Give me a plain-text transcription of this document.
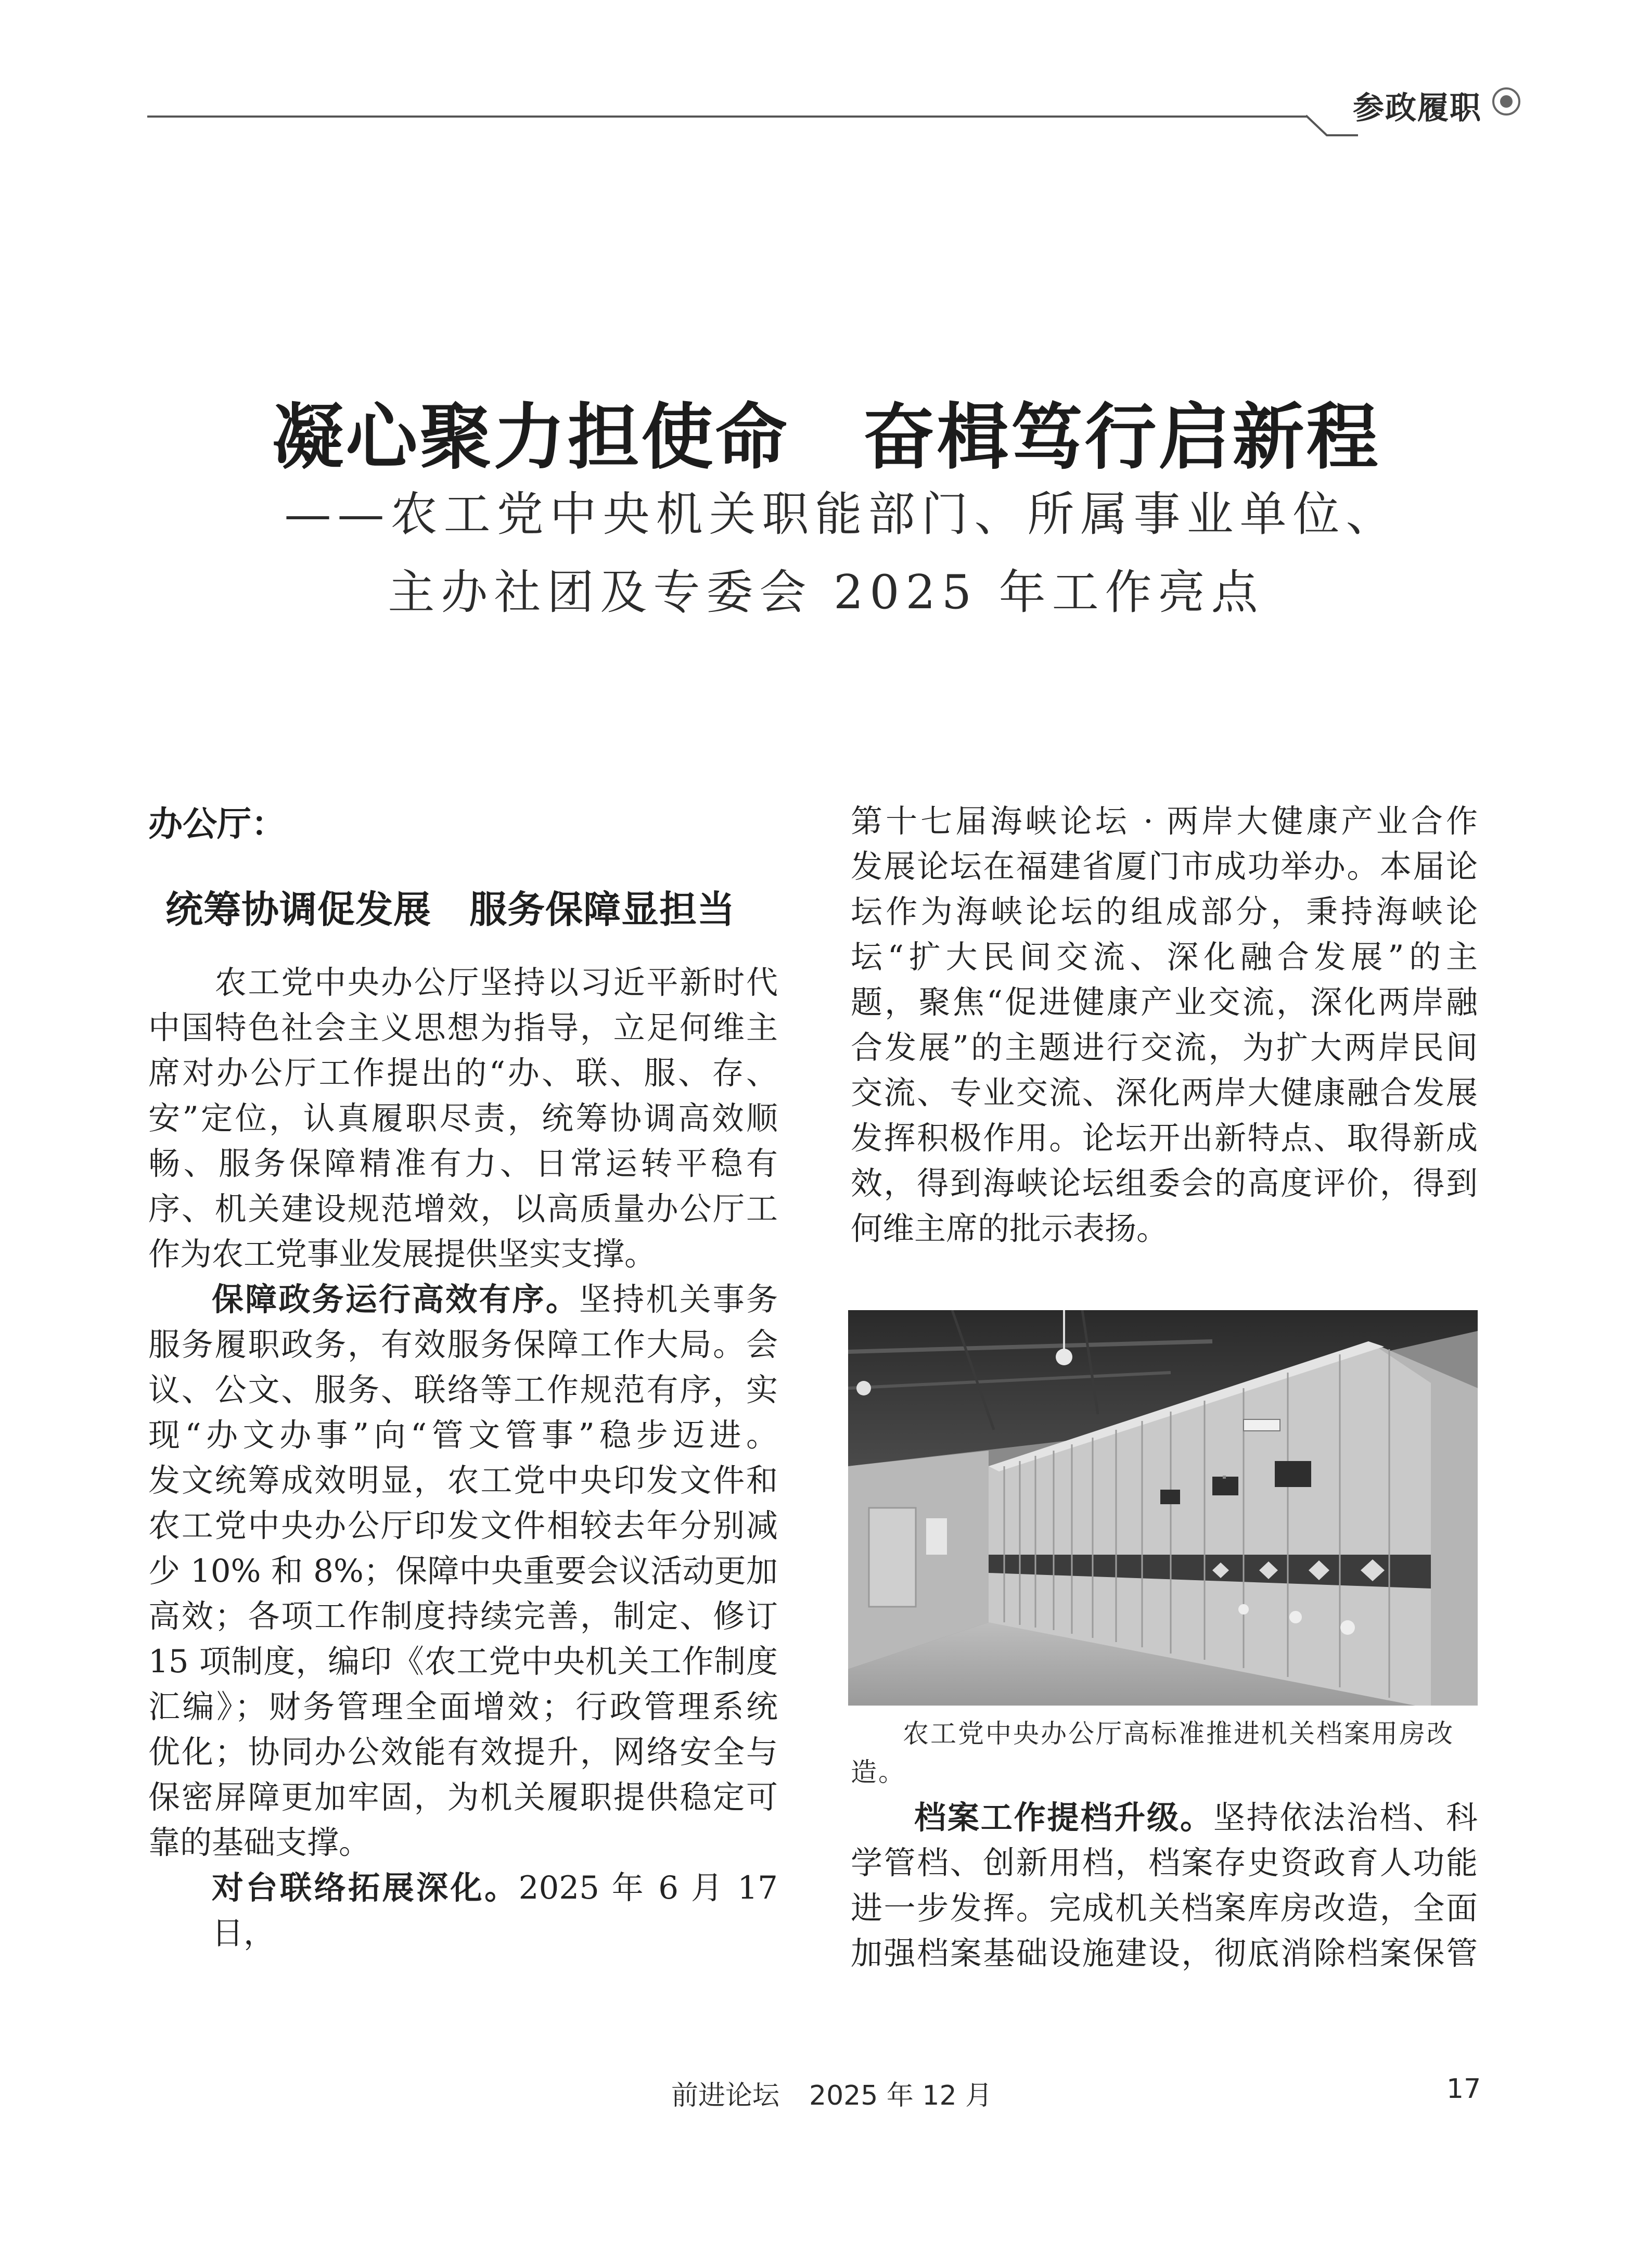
参政履职
凝心聚力担使命　奋楫笃行启新程
——农工党中央机关职能部门、所属事业单位、
主办社团及专委会 2025 年工作亮点
办公厅：
统筹协调促发展　服务保障显担当

　　农工党中央办公厅坚持以习近平新时代

中国特色社会主义思想为指导，立足何维主

席对办公厅工作提出的“办、联、服、存、

安”定位，认真履职尽责，统筹协调高效顺

畅、服务保障精准有力、日常运转平稳有

序、机关建设规范增效，以高质量办公厅工

作为农工党事业发展提供坚实支撑。

保障政务运行高效有序。坚持机关事务

服务履职政务，有效服务保障工作大局。会

议、公文、服务、联络等工作规范有序，实

现“办文办事”向“管文管事”稳步迈进。

发文统筹成效明显，农工党中央印发文件和

农工党中央办公厅印发文件相较去年分别减

少 10% 和 8%；保障中央重要会议活动更加

高效；各项工作制度持续完善，制定、修订

15 项制度，编印《农工党中央机关工作制度

汇编》；财务管理全面增效；行政管理系统

优化；协同办公效能有效提升，网络安全与

保密屏障更加牢固，为机关履职提供稳定可

靠的基础支撑。

对台联络拓展深化。2025 年 6 月 17 日，

第十七届海峡论坛 · 两岸大健康产业合作

发展论坛在福建省厦门市成功举办。本届论

坛作为海峡论坛的组成部分，秉持海峡论

坛“扩大民间交流、深化融合发展”的主

题，聚焦“促进健康产业交流，深化两岸融

合发展”的主题进行交流，为扩大两岸民间

交流、专业交流、深化两岸大健康融合发展

发挥积极作用。论坛开出新特点、取得新成

效，得到海峡论坛组委会的高度评价，得到

何维主席的批示表扬。

农工党中央办公厅高标准推进机关档案用房改造。

档案工作提档升级。坚持依法治档、科

学管档、创新用档，档案存史资政育人功能

进一步发挥。完成机关档案库房改造，全面

加强档案基础设施建设，彻底消除档案保管

前进论坛 2025 年 12 月	17
